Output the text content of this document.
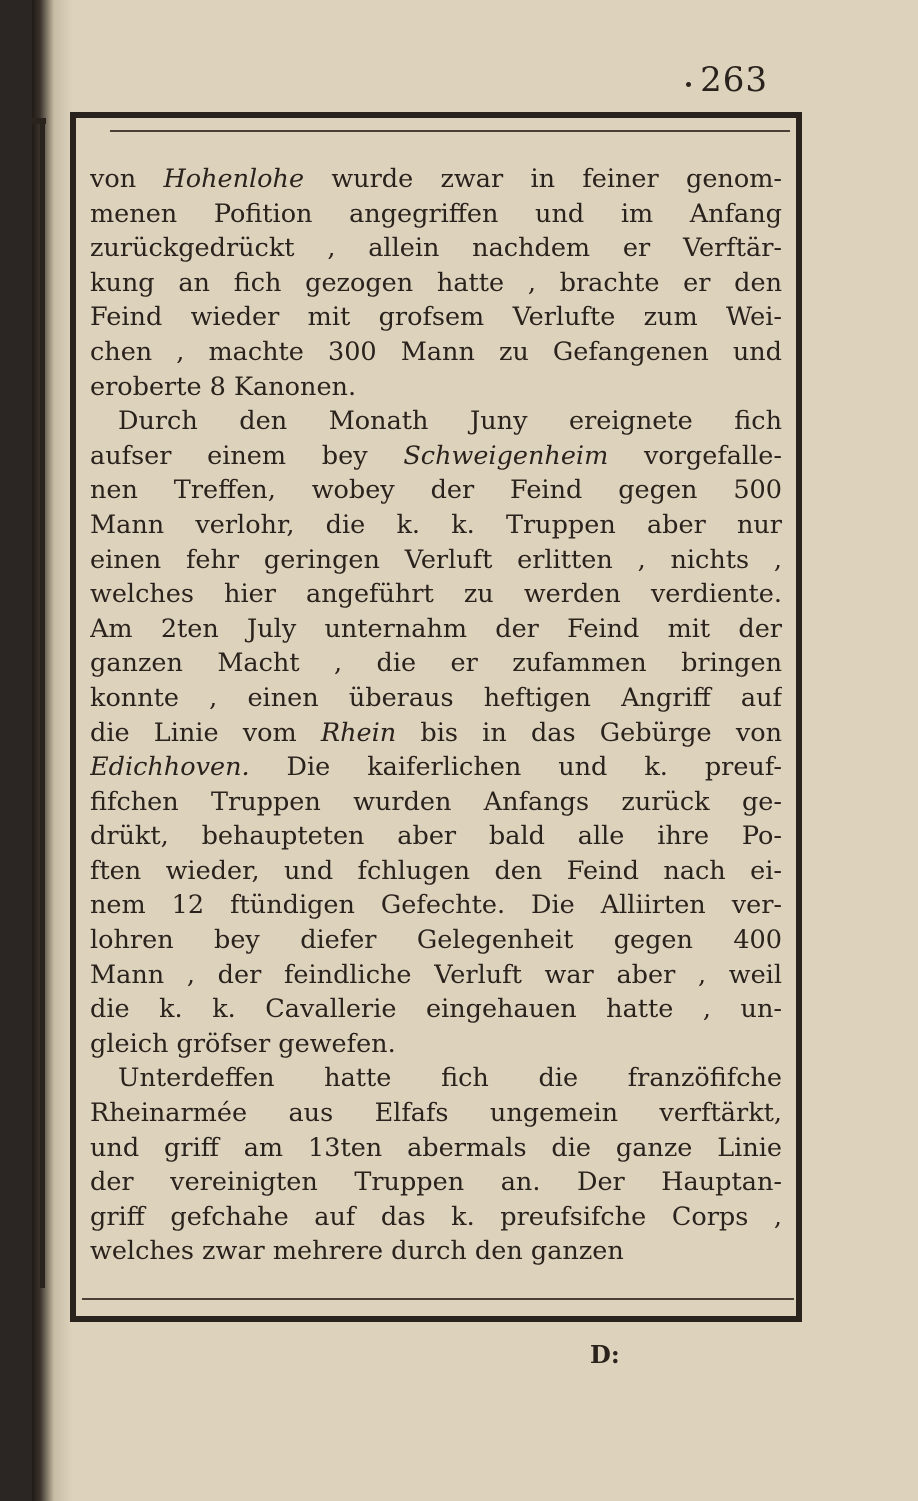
263
von Hohenlohe wurde zwar in feiner genom-
menen Pofition angegriffen und im Anfang
zurückgedrückt , allein nachdem er Verftär-
kung an fich gezogen hatte , brachte er den
Feind wieder mit grofsem Verlufte zum Wei-
chen , machte 300 Mann zu Gefangenen und
eroberte 8 Kanonen.
Durch den Monath Juny ereignete fich
aufser einem bey Schweigenheim vorgefalle-
nen Treffen, wobey der Feind gegen 500
Mann verlohr, die k. k. Truppen aber nur
einen fehr geringen Verluft erlitten , nichts ,
welches hier angeführt zu werden verdiente.
Am 2ten July unternahm der Feind mit der
ganzen Macht , die er zufammen bringen
konnte , einen überaus heftigen Angriff auf
die Linie vom Rhein bis in das Gebürge von
Edichhoven. Die kaiferlichen und k. preuf-
fifchen Truppen wurden Anfangs zurück ge-
drükt, behaupteten aber bald alle ihre Po-
ften wieder, und fchlugen den Feind nach ei-
nem 12 ftündigen Gefechte. Die Alliirten ver-
lohren bey diefer Gelegenheit gegen 400
Mann , der feindliche Verluft war aber , weil
die k. k. Cavallerie eingehauen hatte , un-
gleich gröfser gewefen.
Unterdeffen hatte fich die franzöfifche
Rheinarmée aus Elfafs ungemein verftärkt,
und griff am 13ten abermals die ganze Linie
der vereinigten Truppen an. Der Hauptan-
griff gefchahe auf das k. preufsifche Corps ,
welches zwar mehrere durch den ganzen
D:
